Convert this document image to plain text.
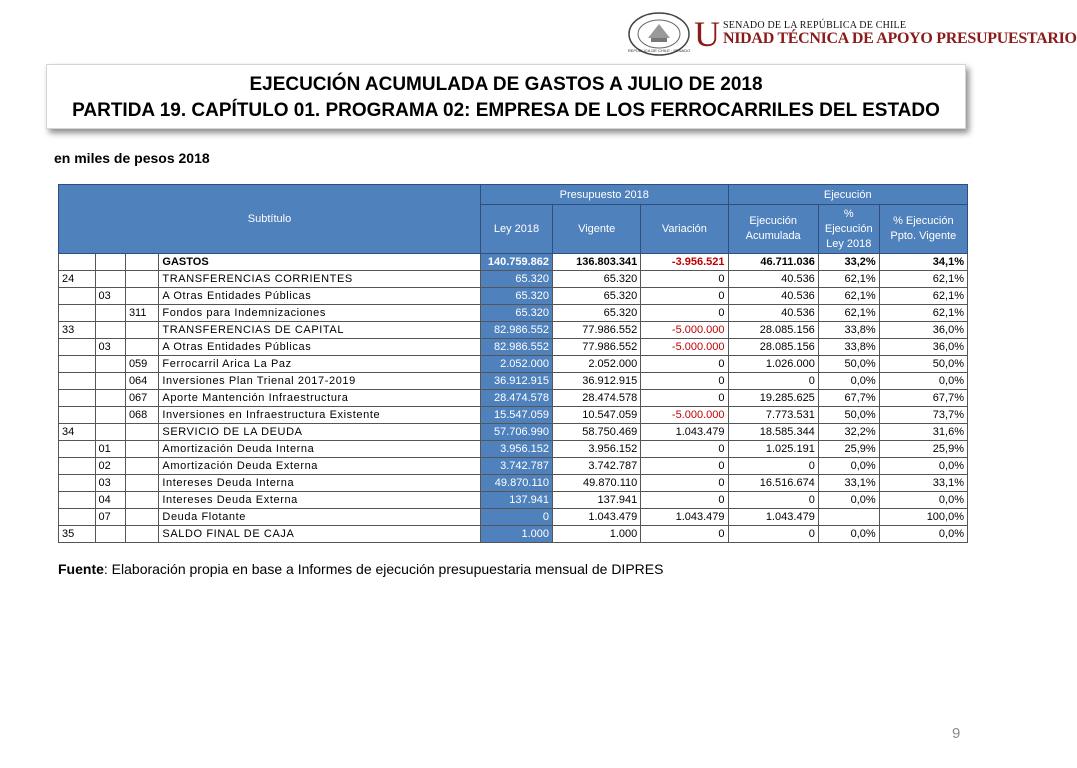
REPÚBLICA DE CHILE · SENADO U SENADO DE LA REPÚBLICA DE CHILE
NIDAD TÉCNICA DE APOYO PRESUPUESTARIO
EJECUCIÓN ACUMULADA DE GASTOS A JULIO DE 2018
PARTIDA 19. CAPÍTULO 01. PROGRAMA 02: EMPRESA DE LOS FERROCARRILES DEL ESTADO
en miles de pesos 2018
Subtítulo				Presupuesto 2018			Ejecución		
				Ley 2018	Vigente	Variación	Ejecución Acumulada	% Ejecución Ley 2018	% Ejecución Ppto. Vigente
			GASTOS	140.759.862	136.803.341	-3.956.521	46.711.036	33,2%	34,1%
24			TRANSFERENCIAS CORRIENTES	65.320	65.320	0	40.536	62,1%	62,1%
	03		A Otras Entidades Públicas	65.320	65.320	0	40.536	62,1%	62,1%
		311	Fondos para Indemnizaciones	65.320	65.320	0	40.536	62,1%	62,1%
33			TRANSFERENCIAS DE CAPITAL	82.986.552	77.986.552	-5.000.000	28.085.156	33,8%	36,0%
	03		A Otras Entidades Públicas	82.986.552	77.986.552	-5.000.000	28.085.156	33,8%	36,0%
		059	Ferrocarril Arica La Paz	2.052.000	2.052.000	0	1.026.000	50,0%	50,0%
		064	Inversiones Plan Trienal 2017-2019	36.912.915	36.912.915	0	0	0,0%	0,0%
		067	Aporte Mantención Infraestructura	28.474.578	28.474.578	0	19.285.625	67,7%	67,7%
		068	Inversiones en Infraestructura Existente	15.547.059	10.547.059	-5.000.000	7.773.531	50,0%	73,7%
34			SERVICIO DE LA DEUDA	57.706.990	58.750.469	1.043.479	18.585.344	32,2%	31,6%
	01		Amortización Deuda Interna	3.956.152	3.956.152	0	1.025.191	25,9%	25,9%
	02		Amortización Deuda Externa	3.742.787	3.742.787	0	0	0,0%	0,0%
	03		Intereses Deuda Interna	49.870.110	49.870.110	0	16.516.674	33,1%	33,1%
	04		Intereses Deuda Externa	137.941	137.941	0	0	0,0%	0,0%
	07		Deuda Flotante	0	1.043.479	1.043.479	1.043.479		100,0%
35			SALDO FINAL DE CAJA	1.000	1.000	0	0	0,0%	0,0%
Fuente: Elaboración propia en base a Informes de ejecución presupuestaria mensual de DIPRES
9
